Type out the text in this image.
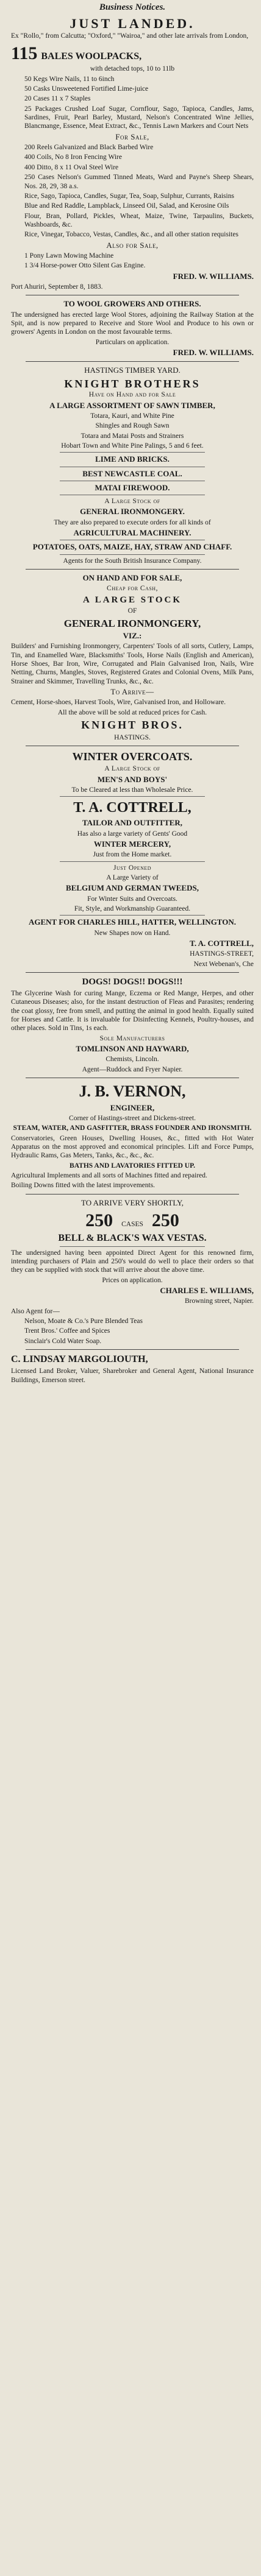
Business Notices.
JUST LANDED.

Ex "Rollo," from Calcutta; "Oxford," "Wairoa," and other late arrivals from London,

115 BALES WOOLPACKS,

with detached tops, 10 to 11lb

50 Kegs Wire Nails, 11 to 6inch

50 Casks Unsweetened Fortified Lime-juice

20 Cases 11 x 7 Staples

25 Packages Crushed Loaf Sugar, Cornflour, Sago, Tapioca, Candles, Jams, Sardines, Fruit, Pearl Barley, Mustard, Nelson's Concentrated Wine Jellies, Blancmange, Essence, Meat Extract, &c., Tennis Lawn Markers and Court Nets

For Sale,

200 Reels Galvanized and Black Barbed Wire

400 Coils, No 8 Iron Fencing Wire

400 Ditto, 8 x 11 Oval Steel Wire

250 Cases Nelson's Gummed Tinned Meats, Ward and Payne's Sheep Shears, Nos. 28, 29, 38 a.s.

Rice, Sago, Tapioca, Candles, Sugar, Tea, Soap, Sulphur, Currants, Raisins

Blue and Red Raddle, Lampblack, Linseed Oil, Salad, and Kerosine Oils

Flour, Bran, Pollard, Pickles, Wheat, Maize, Twine, Tarpaulins, Buckets, Washboards, &c.

Rice, Vinegar, Tobacco, Vestas, Candles, &c., and all other station requisites

Also for Sale,

1 Pony Lawn Mowing Machine

1 3/4 Horse-power Otto Silent Gas Engine.

FRED. W. WILLIAMS.

Port Ahuriri, September 8, 1883.

TO WOOL GROWERS AND OTHERS.

The undersigned has erected large Wool Stores, adjoining the Railway Station at the Spit, and is now prepared to Receive and Store Wool and Produce to his own or growers' Agents in London on the most favourable terms.

Particulars on application.

FRED. W. WILLIAMS.

HASTINGS TIMBER YARD.

KNIGHT BROTHERS

Have on Hand and for Sale

A LARGE ASSORTMENT OF SAWN TIMBER,

Totara, Kauri, and White Pine

Shingles and Rough Sawn

Totara and Matai Posts and Strainers

Hobart Town and White Pine Palings, 5 and 6 feet.

LIME AND BRICKS.

BEST NEWCASTLE COAL.

MATAI FIREWOOD.

A Large Stock of

GENERAL IRONMONGERY.

They are also prepared to execute orders for all kinds of

AGRICULTURAL MACHINERY.

POTATOES, OATS, MAIZE, HAY, STRAW AND CHAFF.

Agents for the South British Insurance Company.

ON HAND AND FOR SALE,

Cheap for Cash,

A LARGE STOCK

OF

GENERAL IRONMONGERY,

VIZ.:

Builders' and Furnishing Ironmongery, Carpenters' Tools of all sorts, Cutlery, Lamps, Tin, and Enamelled Ware, Blacksmiths' Tools, Horse Nails (English and American), Horse Shoes, Bar Iron, Wire, Corrugated and Plain Galvanised Iron, Nails, Wire Netting, Churns, Mangles, Stoves, Registered Grates and Colonial Ovens, Milk Pans, Strainer and Skimmer, Travelling Trunks, &c., &c.

To Arrive—

Cement, Horse-shoes, Harvest Tools, Wire, Galvanised Iron, and Holloware.

All the above will be sold at reduced prices for Cash.

KNIGHT BROS.

HASTINGS.

WINTER OVERCOATS.

A Large Stock of

MEN'S AND BOYS'

To be Cleared at less than Wholesale Price.

T. A. COTTRELL,

TAILOR AND OUTFITTER,

Has also a large variety of Gents' Good

WINTER MERCERY,

Just from the Home market.

Just Opened

A Large Variety of

BELGIUM AND GERMAN TWEEDS,

For Winter Suits and Overcoats.

Fit, Style, and Workmanship Guaranteed.

AGENT FOR CHARLES HILL, HATTER, WELLINGTON.

New Shapes now on Hand.

T. A. COTTRELL,

HASTINGS-STREET,

Next Webenan's, Che

DOGS! DOGS!! DOGS!!!

The Glycerine Wash for curing Mange, Eczema or Red Mange, Herpes, and other Cutaneous Diseases; also, for the instant destruction of Fleas and Parasites; rendering the coat glossy, free from smell, and putting the animal in good health. Equally suited for Horses and Cattle. It is invaluable for Disinfecting Kennels, Poultry-houses, and other places. Sold in Tins, 1s each.

Sole Manufacturers

TOMLINSON AND HAYWARD,

Chemists, Lincoln.

Agent—Ruddock and Fryer Napier.

J. B. VERNON,

ENGINEER,

Corner of Hastings-street and Dickens-street.

STEAM, WATER, AND GASFITTER, BRASS FOUNDER AND IRONSMITH.

Conservatories, Green Houses, Dwelling Houses, &c., fitted with Hot Water Apparatus on the most approved and economical principles. Lift and Force Pumps, Hydraulic Rams, Gas Meters, Tanks, &c., &c., &c.

BATHS AND LAVATORIES FITTED UP.

Agricultural Implements and all sorts of Machines fitted and repaired.

Boiling Downs fitted with the latest improvements.

TO ARRIVE VERY SHORTLY,

250 CASES 250

BELL & BLACK'S WAX VESTAS.

The undersigned having been appointed Direct Agent for this renowned firm, intending purchasers of Plain and 250's would do well to place their orders so that they can be supplied with stock that will arrive about the above time.

Prices on application.

CHARLES E. WILLIAMS,

Browning street, Napier.

Also Agent for—

Nelson, Moate & Co.'s Pure Blended Teas

Trent Bros.' Coffee and Spices

Sinclair's Cold Water Soap.

C. LINDSAY MARGOLIOUTH,

Licensed Land Broker, Valuer, Sharebroker and General Agent, National Insurance Buildings, Emerson street.
